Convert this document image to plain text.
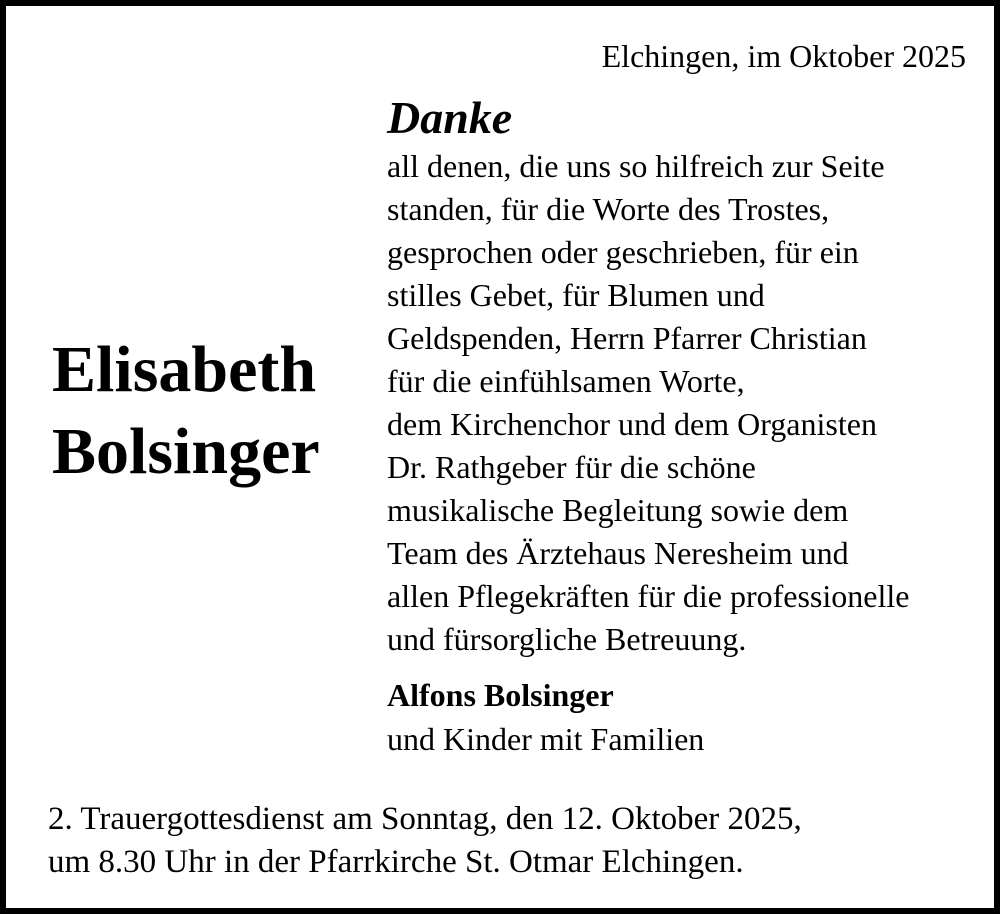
Elchingen, im Oktober 2025
Danke
all denen, die uns so hilfreich zur Seite
standen, für die Worte des Trostes,
gesprochen oder geschrieben, für ein
stilles Gebet, für Blumen und
Geldspenden, Herrn Pfarrer Christian
für die einfühlsamen Worte,
dem Kirchenchor und dem Organisten
Dr. Rathgeber für die schöne
musikalische Begleitung sowie dem
Team des Ärztehaus Neresheim und
allen Pflegekräften für die professionelle
und fürsorgliche Betreuung.
Elisabeth
Bolsinger
Alfons Bolsinger
und Kinder mit Familien
2. Trauergottesdienst am Sonntag, den 12. Oktober 2025,
um 8.30 Uhr in der Pfarrkirche St. Otmar Elchingen.
